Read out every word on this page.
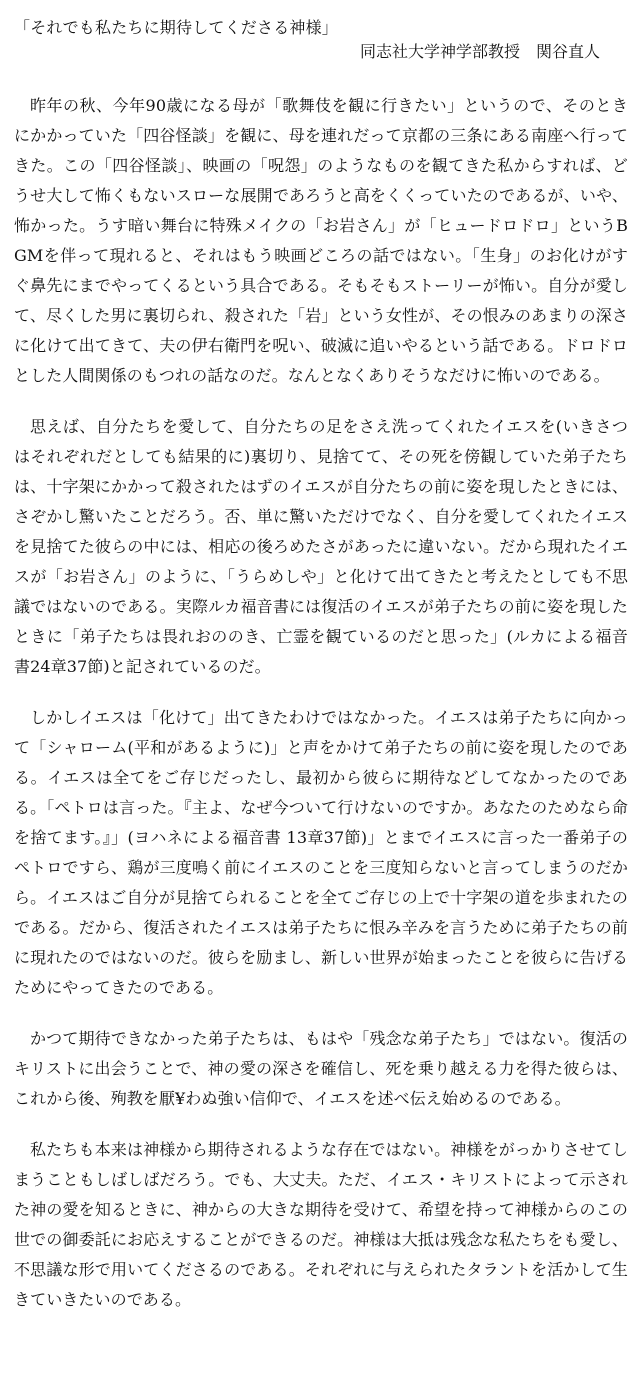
「それでも私たちに期待してくださる神様」

同志社大学神学部教授　関谷直人

昨年の秋、今年90歳になる母が「歌舞伎を観に行きたい」というので、そのときにかかっていた「四谷怪談」を観に、母を連れだって京都の三条にある南座へ行ってきた。この「四谷怪談」、映画の「呪怨」のようなものを観てきた私からすれば、どうせ大して怖くもないスローな展開であろうと高をくくっていたのであるが、いや、怖かった。うす暗い舞台に特殊メイクの「お岩さん」が「ヒュードロドロ」というBGMを伴って現れると、それはもう映画どころの話ではない。「生身」のお化けがすぐ鼻先にまでやってくるという具合である。そもそもストーリーが怖い。自分が愛して、尽くした男に裏切られ、殺された「岩」という女性が、その恨みのあまりの深さに化けて出てきて、夫の伊右衛門を呪い、破滅に追いやるという話である。ドロドロとした人間関係のもつれの話なのだ。なんとなくありそうなだけに怖いのである。

思えば、自分たちを愛して、自分たちの足をさえ洗ってくれたイエスを(いきさつはそれぞれだとしても結果的に)裏切り、見捨てて、その死を傍観していた弟子たちは、十字架にかかって殺されたはずのイエスが自分たちの前に姿を現したときには、さぞかし驚いたことだろう。否、単に驚いただけでなく、自分を愛してくれたイエスを見捨てた彼らの中には、相応の後ろめたさがあったに違いない。だから現れたイエスが「お岩さん」のように、「うらめしや」と化けて出てきたと考えたとしても不思議ではないのである。実際ルカ福音書には復活のイエスが弟子たちの前に姿を現したときに「弟子たちは畏れおののき、亡霊を観ているのだと思った」(ルカによる福音書24章37節)と記されているのだ。

しかしイエスは「化けて」出てきたわけではなかった。イエスは弟子たちに向かって「シャローム(平和があるように)」と声をかけて弟子たちの前に姿を現したのである。イエスは全てをご存じだったし、最初から彼らに期待などしてなかったのである。「ペトロは言った。『主よ、なぜ今ついて行けないのですか。あなたのためなら命を捨てます。』」(ヨハネによる福音書 13章37節)」とまでイエスに言った一番弟子のペトロですら、鶏が三度鳴く前にイエスのことを三度知らないと言ってしまうのだから。イエスはご自分が見捨てられることを全てご存じの上で十字架の道を歩まれたのである。だから、復活されたイエスは弟子たちに恨み辛みを言うために弟子たちの前に現れたのではないのだ。彼らを励まし、新しい世界が始まったことを彼らに告げるためにやってきたのである。

かつて期待できなかった弟子たちは、もはや「残念な弟子たち」ではない。復活のキリストに出会うことで、神の愛の深さを確信し、死を乗り越える力を得た彼らは、これから後、殉教を厭¥わぬ強い信仰で、イエスを述べ伝え始めるのである。

私たちも本来は神様から期待されるような存在ではない。神様をがっかりさせてしまうこともしばしばだろう。でも、大丈夫。ただ、イエス・キリストによって示された神の愛を知るときに、神からの大きな期待を受けて、希望を持って神様からのこの世での御委託にお応えすることができるのだ。神様は大抵は残念な私たちをも愛し、不思議な形で用いてくださるのである。それぞれに与えられたタラントを活かして生きていきたいのである。
